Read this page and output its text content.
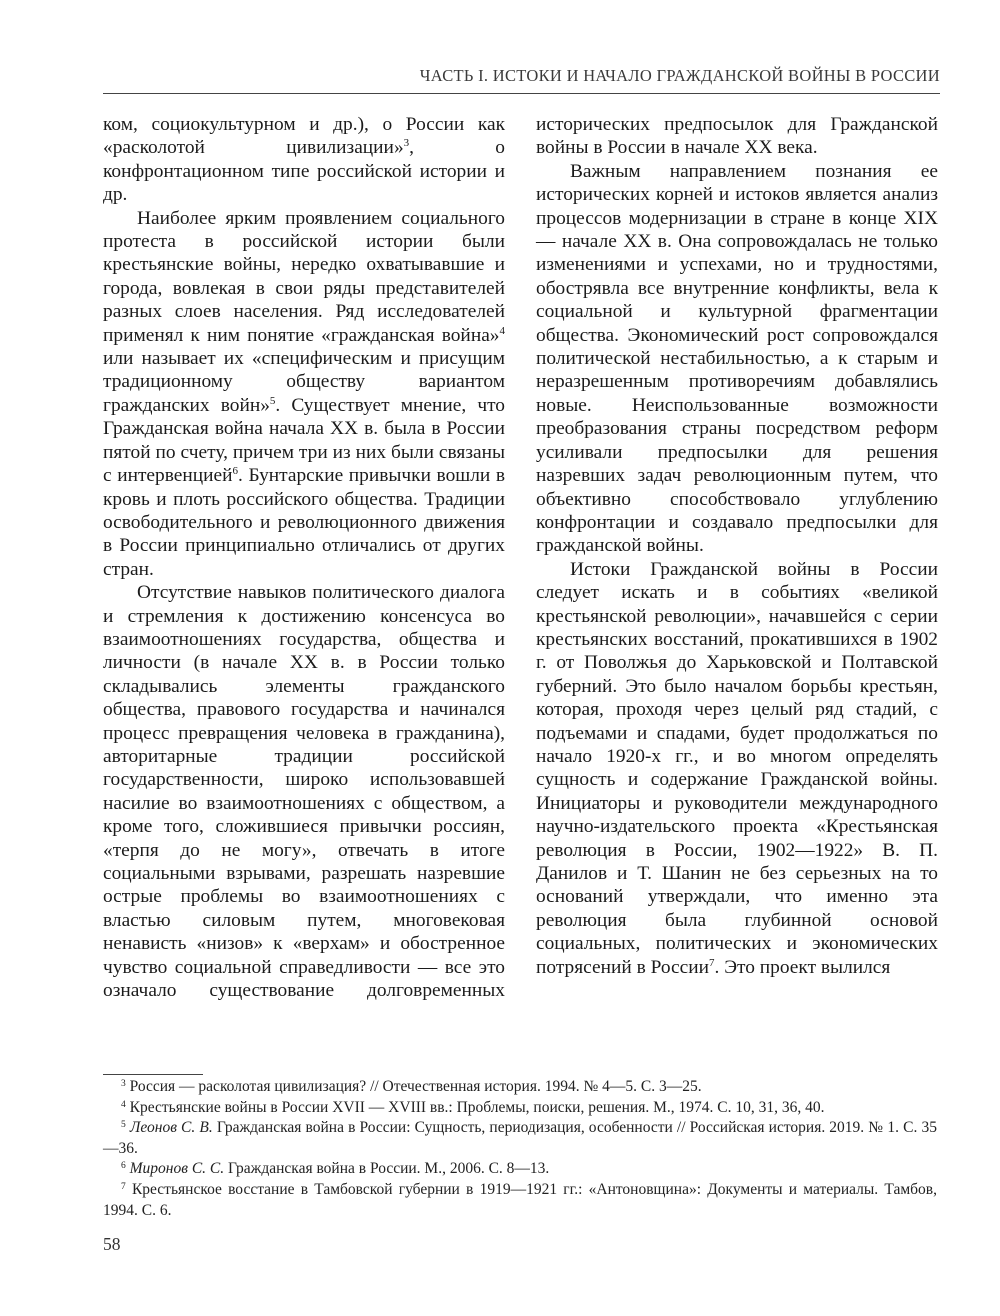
ЧАСТЬ I. ИСТОКИ И НАЧАЛО ГРАЖДАНСКОЙ ВОЙНЫ В РОССИИ

ком, социокультурном и др.), о России как «расколотой цивилизации»$^3$, о конфронтационном типе российской истории и др.

Наиболее ярким проявлением социального протеста в российской истории были крестьянские войны, нередко охватывавшие и города, вовлекая в свои ряды представителей разных слоев населения. Ряд исследователей применял к ним понятие «гражданская война»$^4$ или называет их «специфическим и присущим традиционному обществу вариантом гражданских войн»$^5$. Существует мнение, что Гражданская война начала XX в. была в России пятой по счету, причем три из них были связаны с интервенцией$^6$. Бунтарские привычки вошли в кровь и плоть российского общества. Традиции освободительного и революционного движения в России принципиально отличались от других стран.

Отсутствие навыков политического диалога и стремления к достижению консенсуса во взаимоотношениях государства, общества и личности (в начале XX в. в России только складывались элементы гражданского общества, правового государства и начинался процесс превращения человека в гражданина), авторитарные традиции российской государственности, широко использовавшей насилие во взаимоотношениях с обществом, а кроме того, сложившиеся привычки россиян, «терпя до не могу», отвечать в итоге социальными взрывами, разрешать назревшие острые проблемы во взаимоотношениях с властью силовым путем, многовековая ненависть «низов» к «верхам» и обостренное чувство социальной справедливости — все это означало существование долговременных

исторических предпосылок для Гражданской войны в России в начале XX века.

Важным направлением познания ее исторических корней и истоков является анализ процессов модернизации в стране в конце XIX — начале XX в. Она сопровождалась не только изменениями и успехами, но и трудностями, обострявла все внутренние конфликты, вела к социальной и культурной фрагментации общества. Экономический рост сопровождался политической нестабильностью, а к старым и неразрешенным противоречиям добавлялись новые. Неиспользованные возможности преобразования страны посредством реформ усиливали предпосылки для решения назревших задач революционным путем, что объективно способствовало углублению конфронтации и создавало предпосылки для гражданской войны.

Истоки Гражданской войны в России следует искать и в событиях «великой крестьянской революции», начавшейся с серии крестьянских восстаний, прокатившихся в 1902 г. от Поволжья до Харьковской и Полтавской губерний. Это было началом борьбы крестьян, которая, проходя через целый ряд стадий, с подъемами и спадами, будет продолжаться по начало 1920-х гг., и во многом определять сущность и содержание Гражданской войны. Инициаторы и руководители международного научно-издательского проекта «Крестьянская революция в России, 1902—1922» В. П. Данилов и Т. Шанин не без серьезных на то оснований утверждали, что именно эта революция была глубинной основой социальных, политических и экономических потрясений в России$^7$. Это проект вылился

$^3$ Россия — расколотая цивилизация? // Отечественная история. 1994. № 4—5. С. 3—25.

$^4$ Крестьянские войны в России XVII — XVIII вв.: Проблемы, поиски, решения. М., 1974. С. 10, 31, 36, 40.

$^5$ Леонов С. В. Гражданская война в России: Сущность, периодизация, особенности // Российская история. 2019. № 1. С. 35—36.

$^6$ Миронов С. С. Гражданская война в России. М., 2006. С. 8—13.

$^7$ Крестьянское восстание в Тамбовской губернии в 1919—1921 гг.: «Антоновщина»: Документы и материалы. Тамбов, 1994. С. 6.

58
